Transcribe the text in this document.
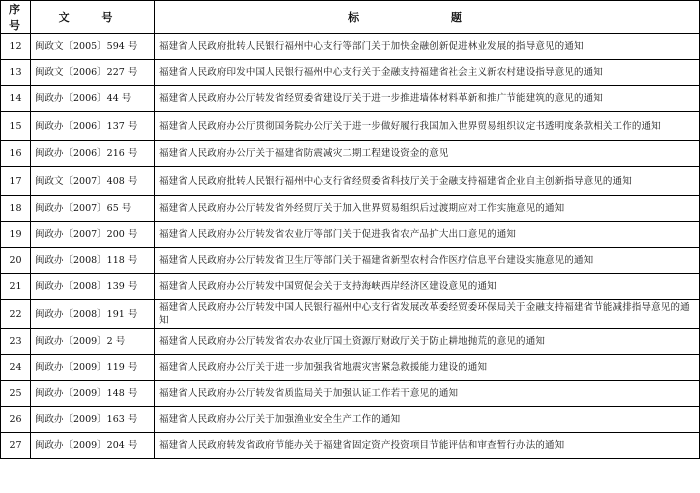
序号	文 号	标 题
12	闽政文〔2005〕594 号	福建省人民政府批转人民银行福州中心支行等部门关于加快金融创新促进林业发展的指导意见的通知
13	闽政文〔2006〕227 号	福建省人民政府印发中国人民银行福州中心支行关于金融支持福建省社会主义新农村建设指导意见的通知
14	闽政办〔2006〕44 号	福建省人民政府办公厅转发省经贸委省建设厅关于进一步推进墙体材料革新和推广节能建筑的意见的通知
15	闽政办〔2006〕137 号	福建省人民政府办公厅贯彻国务院办公厅关于进一步做好履行我国加入世界贸易组织议定书透明度条款相关工作的通知
16	闽政办〔2006〕216 号	福建省人民政府办公厅关于福建省防震减灾二期工程建设资金的意见
17	闽政文〔2007〕408 号	福建省人民政府批转人民银行福州中心支行省经贸委省科技厅关于金融支持福建省企业自主创新指导意见的通知
18	闽政办〔2007〕65 号	福建省人民政府办公厅转发省外经贸厅关于加入世界贸易组织后过渡期应对工作实施意见的通知
19	闽政办〔2007〕200 号	福建省人民政府办公厅转发省农业厅等部门关于促进我省农产品扩大出口意见的通知
20	闽政办〔2008〕118 号	福建省人民政府办公厅转发省卫生厅等部门关于福建省新型农村合作医疗信息平台建设实施意见的通知
21	闽政办〔2008〕139 号	福建省人民政府办公厅转发中国贸促会关于支持海峡西岸经济区建设意见的通知
22	闽政办〔2008〕191 号	福建省人民政府办公厅转发中国人民银行福州中心支行省发展改革委经贸委环保局关于金融支持福建省节能减排指导意见的通知
23	闽政办〔2009〕2 号	福建省人民政府办公厅转发省农办农业厅国土资源厅财政厅关于防止耕地抛荒的意见的通知
24	闽政办〔2009〕119 号	福建省人民政府办公厅关于进一步加强我省地震灾害紧急救援能力建设的通知
25	闽政办〔2009〕148 号	福建省人民政府办公厅转发省质监局关于加强认证工作若干意见的通知
26	闽政办〔2009〕163 号	福建省人民政府办公厅关于加强渔业安全生产工作的通知
27	闽政办〔2009〕204 号	福建省人民政府转发省政府节能办关于福建省固定资产投资项目节能评估和审查暂行办法的通知
